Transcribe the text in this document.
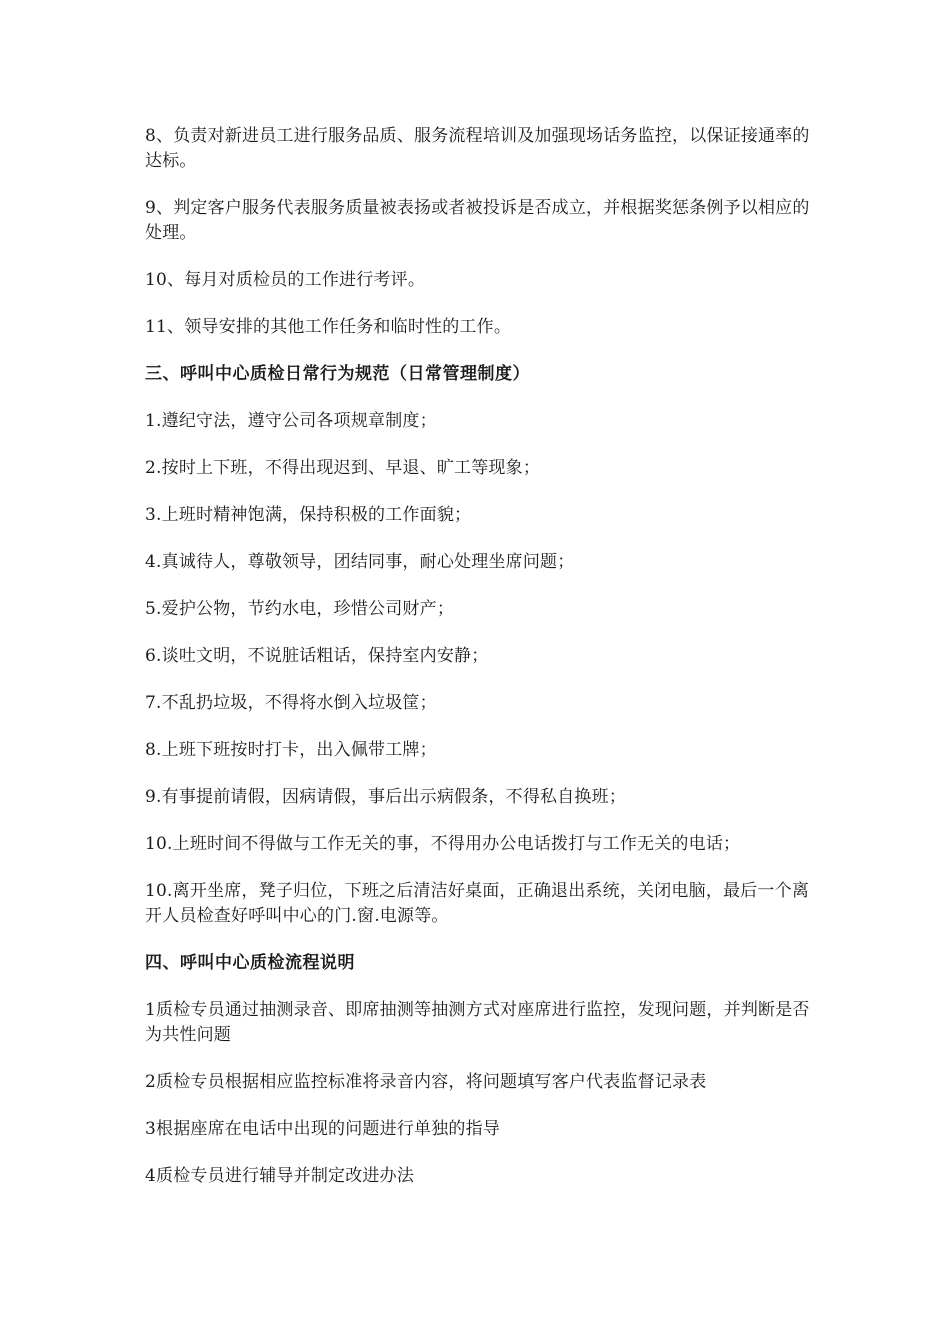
8、负责对新进员工进行服务品质、服务流程培训及加强现场话务监控，以保证接通率的达标。

9、判定客户服务代表服务质量被表扬或者被投诉是否成立，并根据奖惩条例予以相应的处理。

10、每月对质检员的工作进行考评。

11、领导安排的其他工作任务和临时性的工作。

三、呼叫中心质检日常行为规范（日常管理制度）

1.遵纪守法，遵守公司各项规章制度；

2.按时上下班，不得出现迟到、早退、旷工等现象；

3.上班时精神饱满，保持积极的工作面貌；

4.真诚待人，尊敬领导，团结同事，耐心处理坐席问题；

5.爱护公物，节约水电，珍惜公司财产；

6.谈吐文明，不说脏话粗话，保持室内安静；

7.不乱扔垃圾，不得将水倒入垃圾筐；

8.上班下班按时打卡，出入佩带工牌；

9.有事提前请假，因病请假，事后出示病假条，不得私自换班；

10.上班时间不得做与工作无关的事，不得用办公电话拨打与工作无关的电话；

10.离开坐席，凳子归位，下班之后清洁好桌面，正确退出系统，关闭电脑，最后一个离开人员检查好呼叫中心的门.窗.电源等。

四、呼叫中心质检流程说明

1质检专员通过抽测录音、即席抽测等抽测方式对座席进行监控，发现问题，并判断是否为共性问题

2质检专员根据相应监控标准将录音内容，将问题填写客户代表监督记录表

3根据座席在电话中出现的问题进行单独的指导

4质检专员进行辅导并制定改进办法
